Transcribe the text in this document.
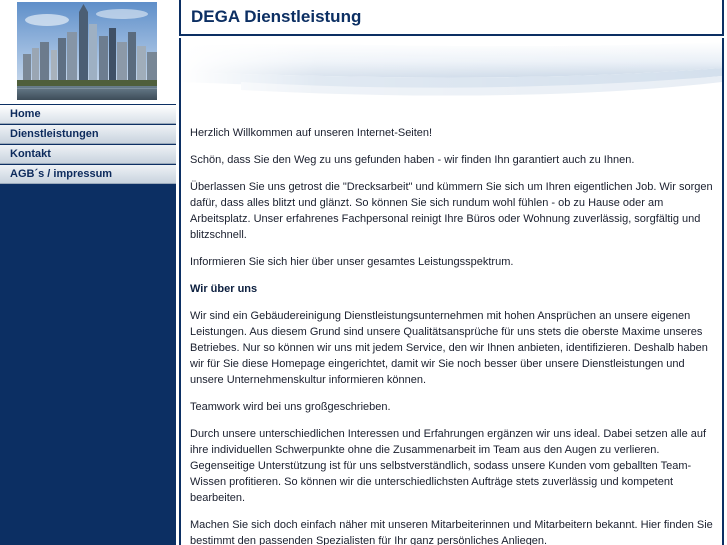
Home
Dienstleistungen
Kontakt
AGB´s / impressum
DEGA Dienstleistung

Herzlich Willkommen auf unseren Internet-Seiten!

Schön, dass Sie den Weg zu uns gefunden haben - wir finden Ihn garantiert auch zu Ihnen.

Überlassen Sie uns getrost die "Drecksarbeit" und kümmern Sie sich um Ihren eigentlichen Job. Wir sorgen dafür, dass alles blitzt und glänzt. So können Sie sich rundum wohl fühlen - ob zu Hause oder am Arbeitsplatz. Unser erfahrenes Fachpersonal reinigt Ihre Büros oder Wohnung zuverlässig, sorgfältig und blitzschnell.

Informieren Sie sich hier über unser gesamtes Leistungsspektrum.

Wir über uns

Wir sind ein Gebäudereinigung Dienstleistungsunternehmen mit hohen Ansprüchen an unsere eigenen Leistungen. Aus diesem Grund sind unsere Qualitätsansprüche für uns stets die oberste Maxime unseres Betriebes. Nur so können wir uns mit jedem Service, den wir Ihnen anbieten, identifizieren. Deshalb haben wir für Sie diese Homepage eingerichtet, damit wir Sie noch besser über unsere Dienstleistungen und unsere Unternehmenskultur informieren können.

Teamwork wird bei uns großgeschrieben.

Durch unsere unterschiedlichen Interessen und Erfahrungen ergänzen wir uns ideal. Dabei setzen alle auf ihre individuellen Schwerpunkte ohne die Zusammenarbeit im Team aus den Augen zu verlieren. Gegenseitige Unterstützung ist für uns selbstverständlich, sodass unsere Kunden vom geballten Team-Wissen profitieren. So können wir die unterschiedlichsten Aufträge stets zuverlässig und kompetent bearbeiten.

Machen Sie sich doch einfach näher mit unseren Mitarbeiterinnen und Mitarbeitern bekannt. Hier finden Sie bestimmt den passenden Spezialisten für Ihr ganz persönliches Anliegen.
